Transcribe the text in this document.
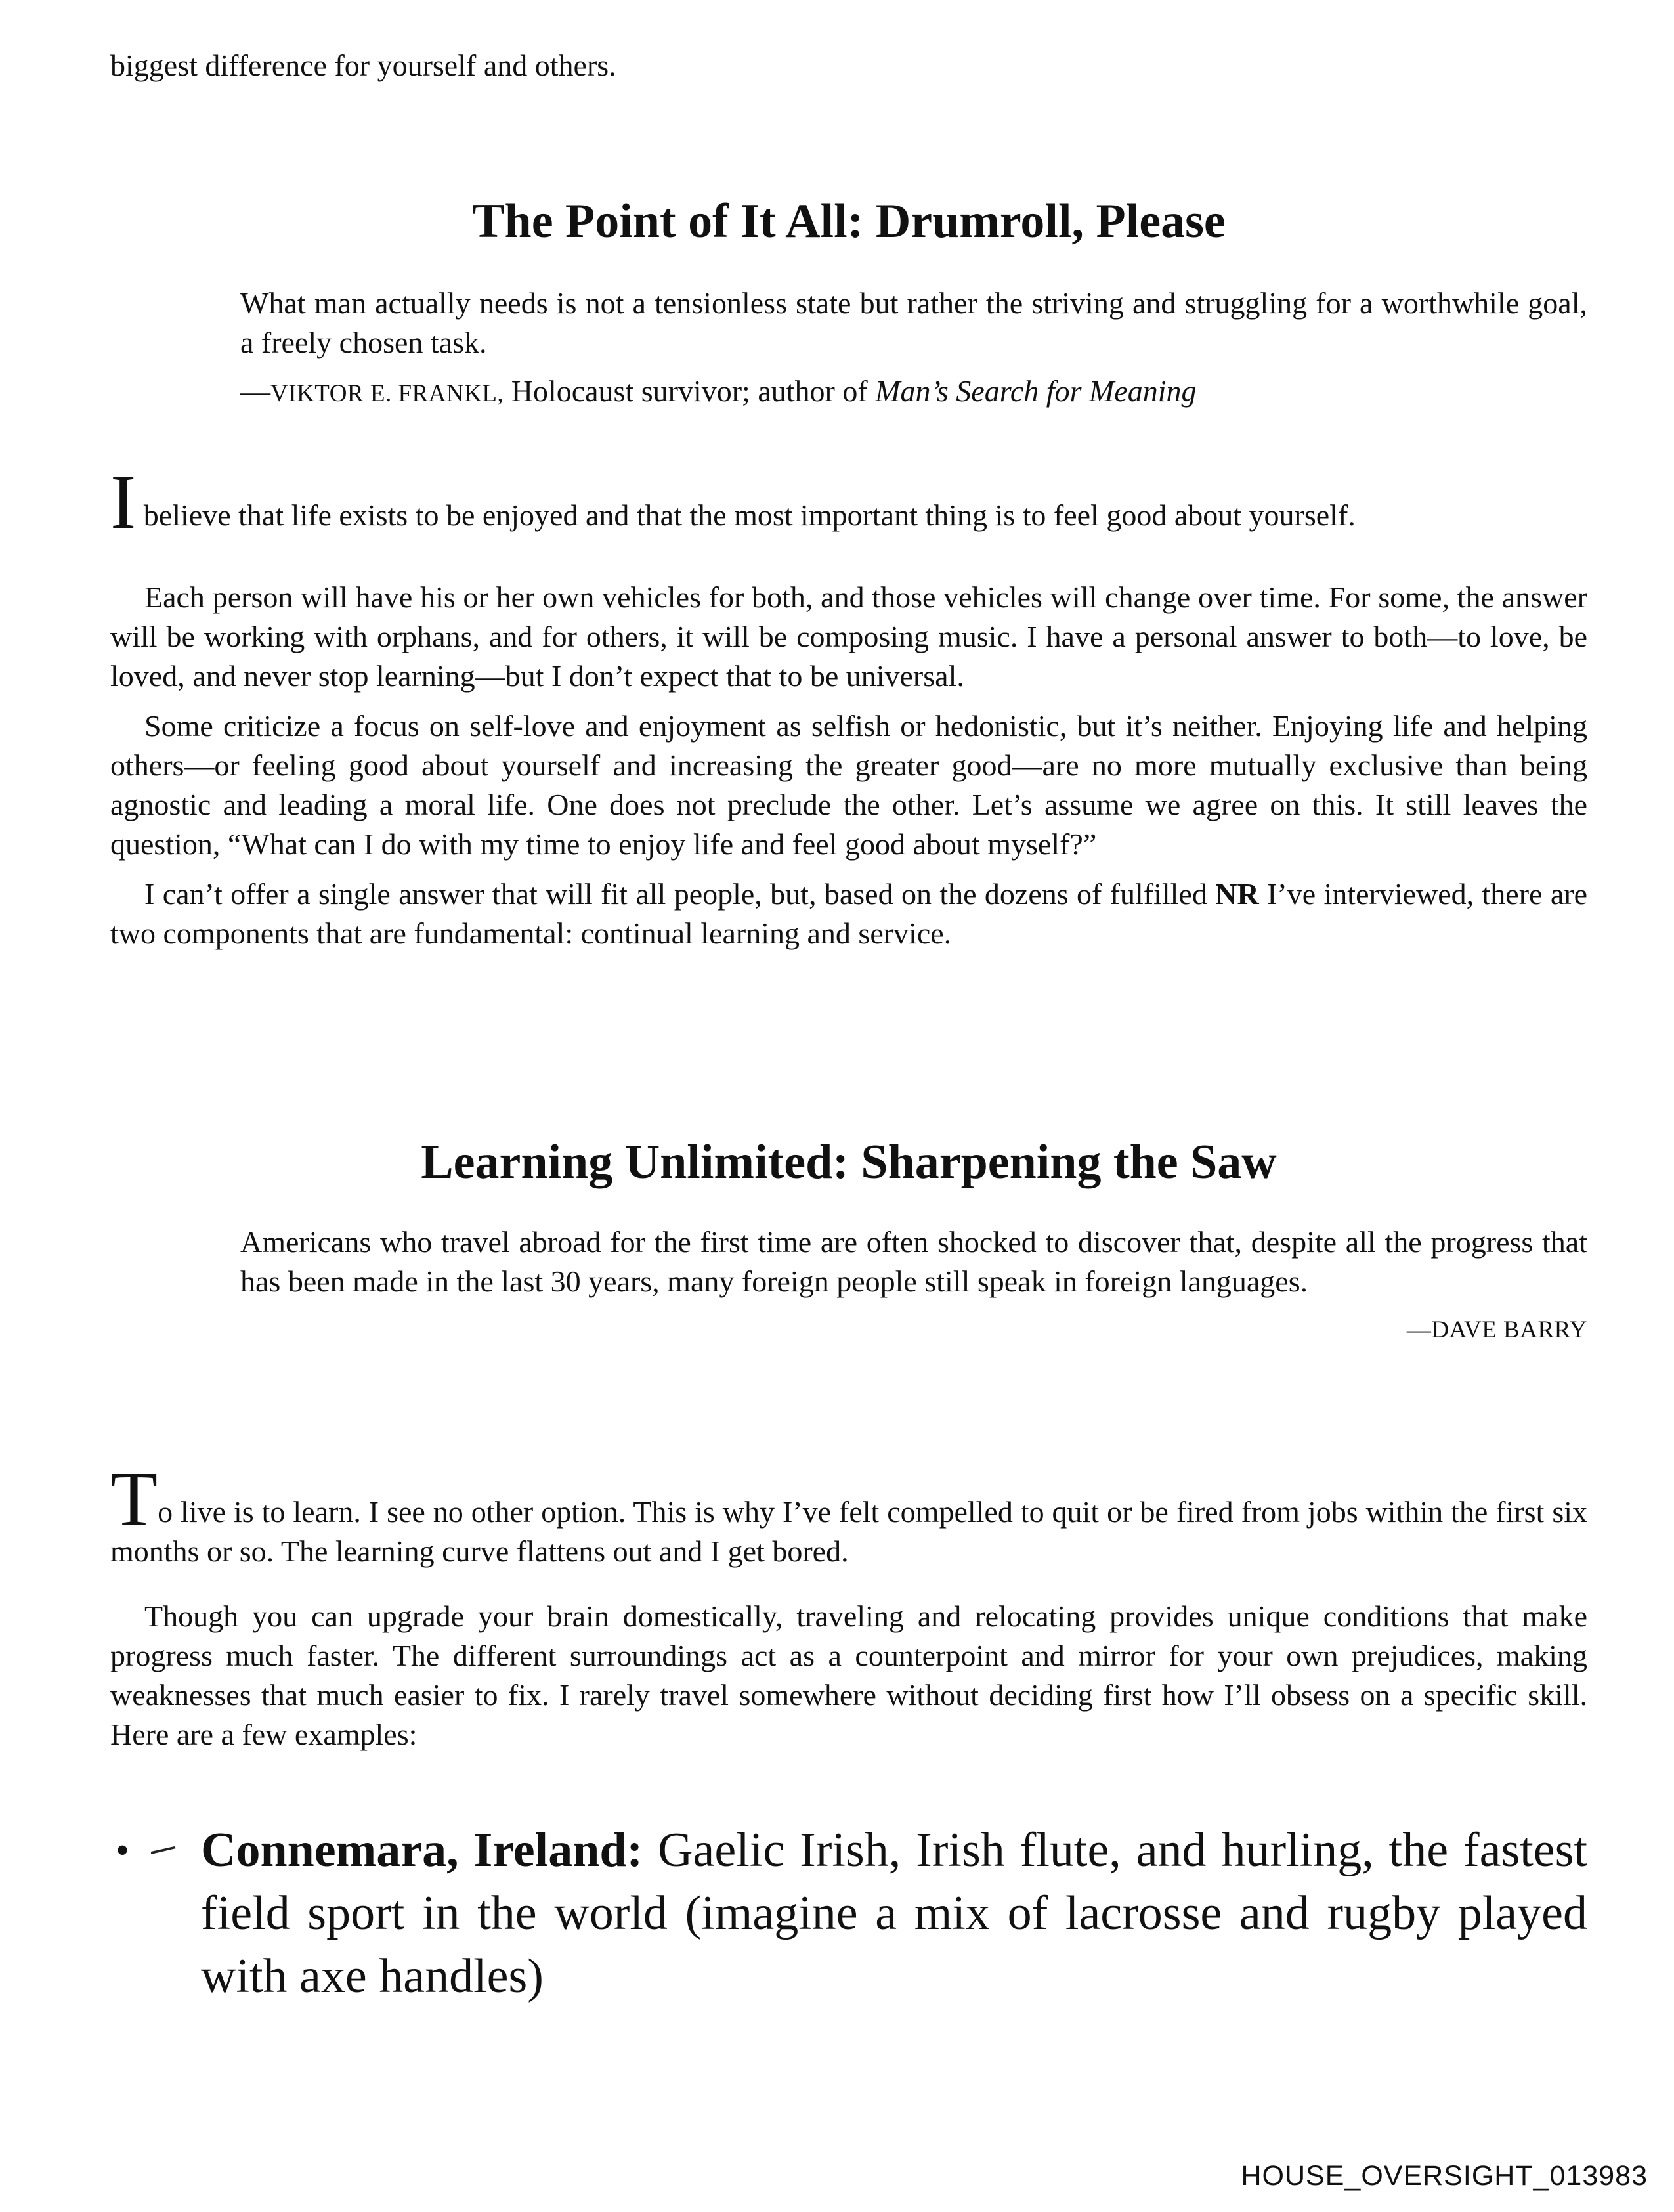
biggest difference for yourself and others.

The Point of It All: Drumroll, Please

What man actually needs is not a tensionless state but rather the striving and struggling for a worthwhile goal, a freely chosen task.

—VIKTOR E. FRANKL, Holocaust survivor; author of Man’s Search for Meaning

I believe that life exists to be enjoyed and that the most important thing is to feel good about yourself.

Each person will have his or her own vehicles for both, and those vehicles will change over time. For some, the answer will be working with orphans, and for others, it will be composing music. I have a personal answer to both—to love, be loved, and never stop learning—but I don’t expect that to be universal.

Some criticize a focus on self-love and enjoyment as selfish or hedonistic, but it’s neither. Enjoying life and helping others—or feeling good about yourself and increasing the greater good—are no more mutually exclusive than being agnostic and leading a moral life. One does not preclude the other. Let’s assume we agree on this. It still leaves the question, “What can I do with my time to enjoy life and feel good about myself?”

I can’t offer a single answer that will fit all people, but, based on the dozens of fulfilled NR I’ve interviewed, there are two components that are fundamental: continual learning and service.

Learning Unlimited: Sharpening the Saw

Americans who travel abroad for the first time are often shocked to discover that, despite all the progress that has been made in the last 30 years, many foreign people still speak in foreign languages.

—DAVE BARRY

To live is to learn. I see no other option. This is why I’ve felt compelled to quit or be fired from jobs within the first six months or so. The learning curve flattens out and I get bored.

Though you can upgrade your brain domestically, traveling and relocating provides unique conditions that make progress much faster. The different surroundings act as a counterpoint and mirror for your own prejudices, making weaknesses that much easier to fix. I rarely travel somewhere without deciding first how I’ll obsess on a specific skill. Here are a few examples:

• Connemara, Ireland: Gaelic Irish, Irish flute, and hurling, the fastest field sport in the world (imagine a mix of lacrosse and rugby played with axe handles)
HOUSE_OVERSIGHT_013983
